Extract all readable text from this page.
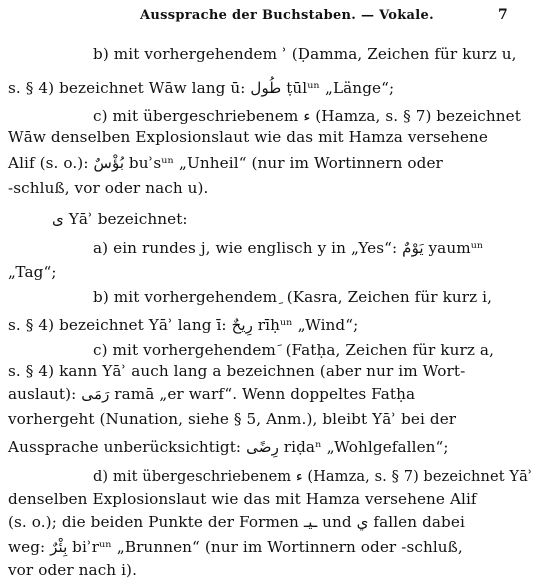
Aussprache der Buchstaben. — Vokale.	7
b) mit vorhergehendem ʾ (Ḍamma, Zeichen für kurz u,
s. § 4) bezeichnet Wāw lang ū: طُول ṭūlᵘⁿ „Länge“;
c) mit übergeschriebenem ء (Hamza, s. § 7) bezeichnet
Wāw denselben Explosionslaut wie das mit Hamza versehene
Alif (s. o.): بُؤْسٌ buʾsᵘⁿ „Unheil“ (nur im Wortinnern oder
-schluß, vor oder nach u).
ى Yāʾ bezeichnet:
a) ein rundes j, wie englisch y in „Yes“: يَوْمٌ yaumᵘⁿ
„Tag“;
b) mit vorhergehendem ِ (Kasra, Zeichen für kurz i,
s. § 4) bezeichnet Yāʾ lang ī: رِيحٌ rīḥᵘⁿ „Wind“;
c) mit vorhergehendem َ (Fatḥa, Zeichen für kurz a,
s. § 4) kann Yāʾ auch lang a bezeichnen (aber nur im Wort-
auslaut): رَمَى ramā „er warf“. Wenn doppeltes Fatḥa
vorhergeht (Nunation, siehe § 5, Anm.), bleibt Yāʾ bei der
Aussprache unberücksichtigt: رِضًى riḍaⁿ „Wohlgefallen“;
d) mit übergeschriebenem ء (Hamza, s. § 7) bezeichnet Yāʾ
denselben Explosionslaut wie das mit Hamza versehene Alif
(s. o.); die beiden Punkte der Formen ـيـ und ي fallen dabei
weg: بِئْرٌ biʾrᵘⁿ „Brunnen“ (nur im Wortinnern oder -schluß,
vor oder nach i).
